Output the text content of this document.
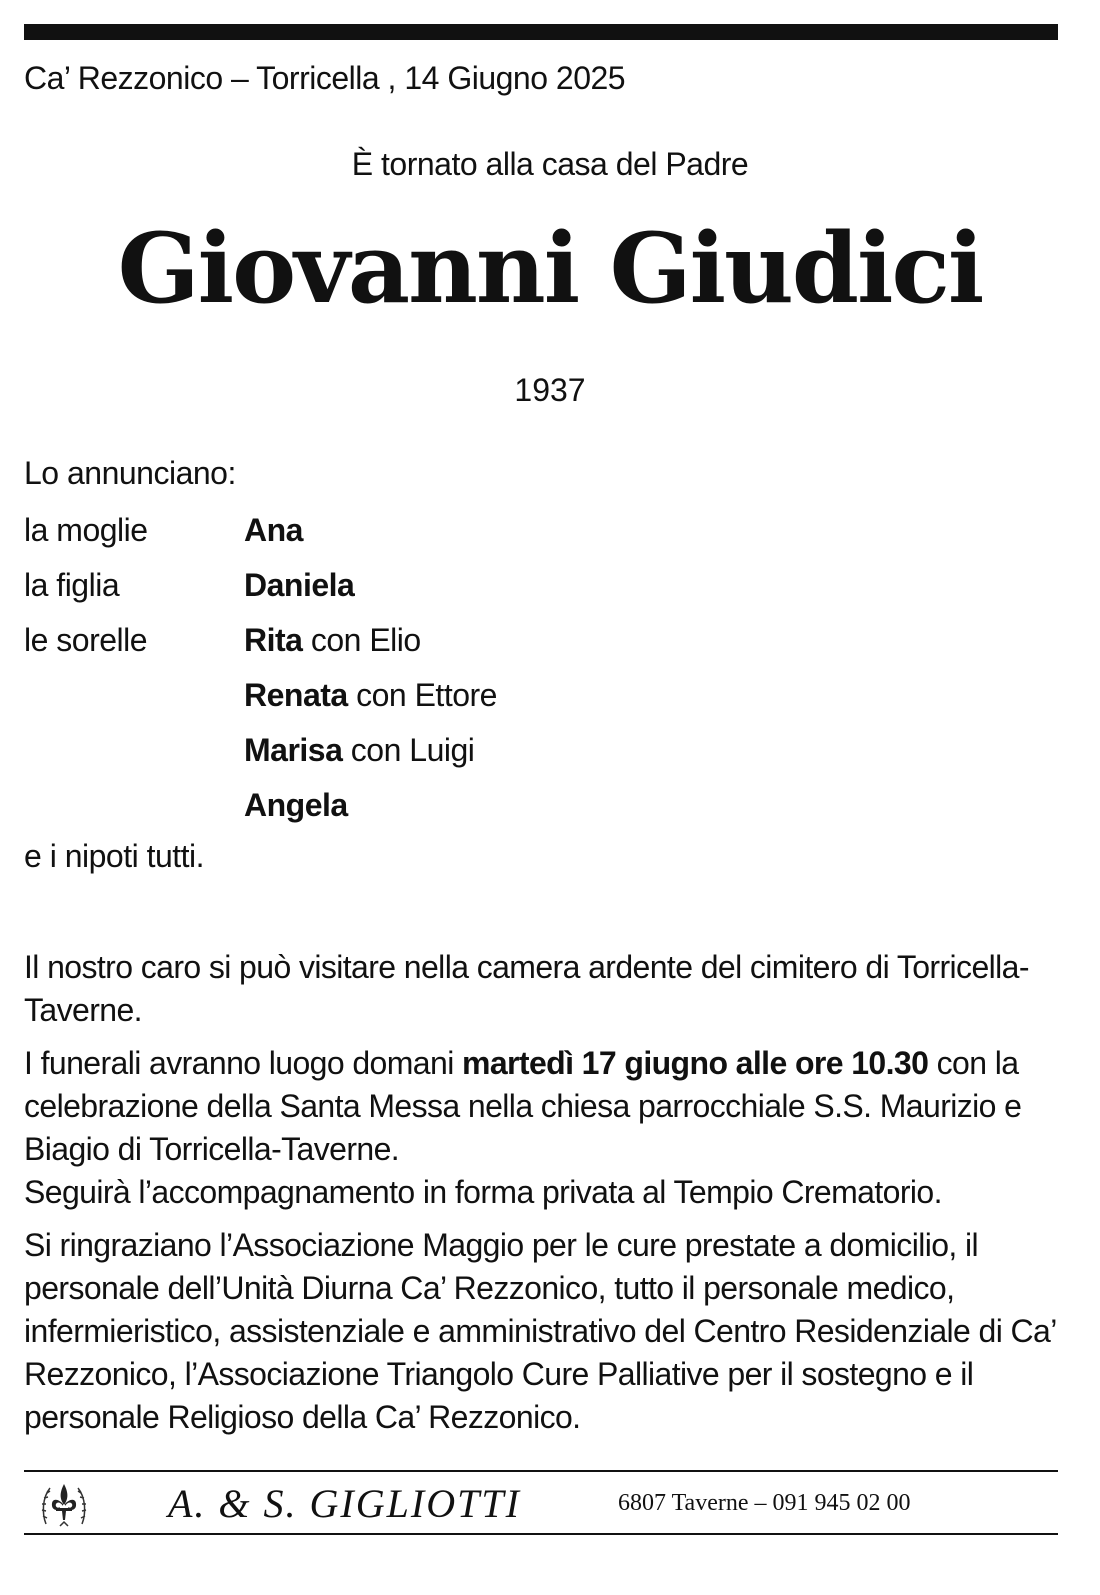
Ca’ Rezzonico – Torricella , 14 Giugno 2025
È tornato alla casa del Padre
Giovanni Giudici
1937
Lo annunciano:
la moglie	Ana
la figlia	Daniela
le sorelle	Rita con Elio
Renata con Ettore
Marisa con Luigi
Angela
e i nipoti tutti.

Il nostro caro si può visitare nella camera ardente del cimitero di Torricella-Taverne.

I funerali avranno luogo domani martedì 17 giugno alle ore 10.30 con la celebrazione della Santa Messa nella chiesa parrocchiale S.S. Maurizio e Biagio di Torricella-Taverne.
Seguirà l’accompagnamento in forma privata al Tempio Crematorio.

Si ringraziano l’Associazione Maggio per le cure prestate a domicilio, il personale dell’Unità Diurna Ca’ Rezzonico, tutto il personale medico, infermieristico, assistenziale e amministrativo del Centro Residenziale di Ca’ Rezzonico, l’Associazione Triangolo Cure Palliative per il sostegno e il personale Religioso della Ca’ Rezzonico.

A. & S. GIGLIOTTI	6807 Taverne – 091 945 02 00
